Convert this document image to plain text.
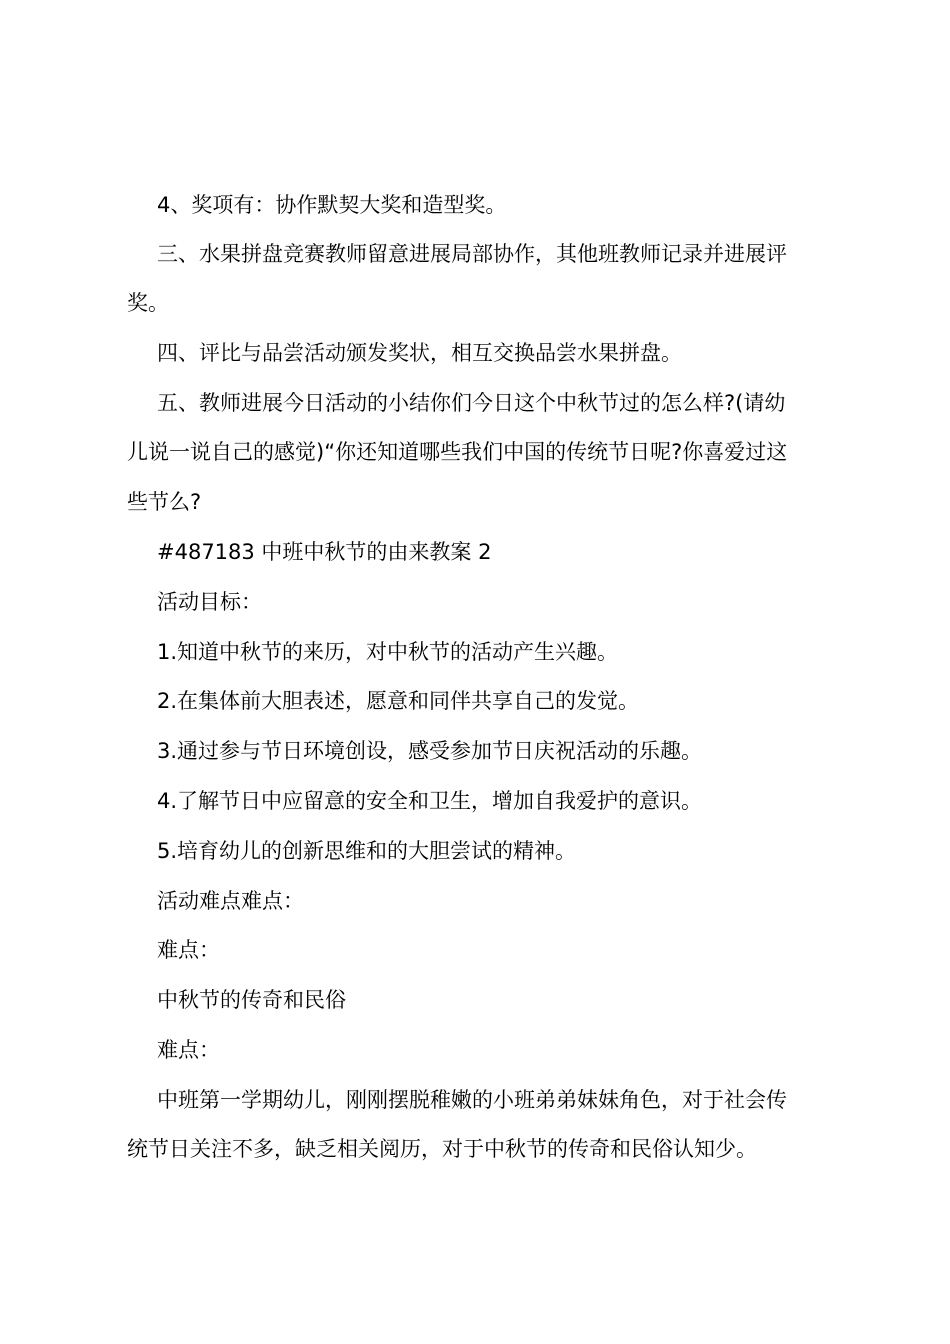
4、奖项有：协作默契大奖和造型奖。
三、水果拼盘竞赛教师留意进展局部协作，其他班教师记录并进展评
奖。
四、评比与品尝活动颁发奖状，相互交换品尝水果拼盘。
五、教师进展今日活动的小结你们今日这个中秋节过的怎么样?(请幼
儿说一说自己的感觉)“你还知道哪些我们中国的传统节日呢?你喜爱过这
些节么?
#487183 中班中秋节的由来教案 2
活动目标：
1.知道中秋节的来历，对中秋节的活动产生兴趣。
2.在集体前大胆表述，愿意和同伴共享自己的发觉。
3.通过参与节日环境创设，感受参加节日庆祝活动的乐趣。
4.了解节日中应留意的安全和卫生，增加自我爱护的意识。
5.培育幼儿的创新思维和的大胆尝试的精神。
活动难点难点：
难点：
中秋节的传奇和民俗
难点：
中班第一学期幼儿，刚刚摆脱稚嫩的小班弟弟妹妹角色，对于社会传
统节日关注不多，缺乏相关阅历，对于中秋节的传奇和民俗认知少。
